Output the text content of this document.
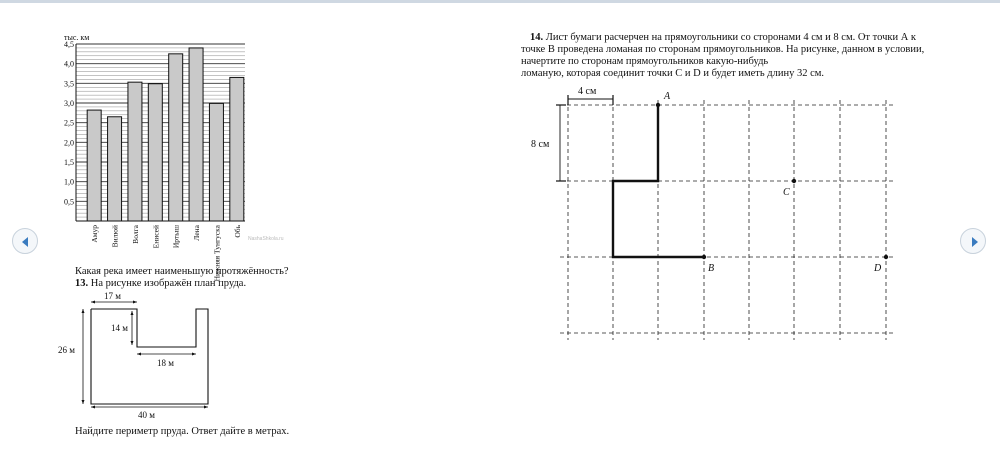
тыс. км
0,5
1,0
1,5
2,0
2,5
3,0
3,5
4,0
4,5
Амур Вилюй Волга Енисей Иртыш Лена Нижняя Тунгуска Обь
NashaShkola.ru
Какая река имеет наименьшую протяжённость?
13. На рисунке изображён план пруда.
17 м
14 м
26 м
18 м
40 м
Найдите периметр пруда. Ответ дайте в метрах.
14. Лист бумаги расчерчен на прямоугольники со сторонами 4 см и 8 см. От точки А к
точке В проведена ломаная по сторонам прямоугольников. На рисунке, данном в условии,
начертите по сторонам прямоугольников какую-нибудь
ломаную, которая соединит точки С и D и будет иметь длину 32 см.
4 см
8 см
A
B
C
D
